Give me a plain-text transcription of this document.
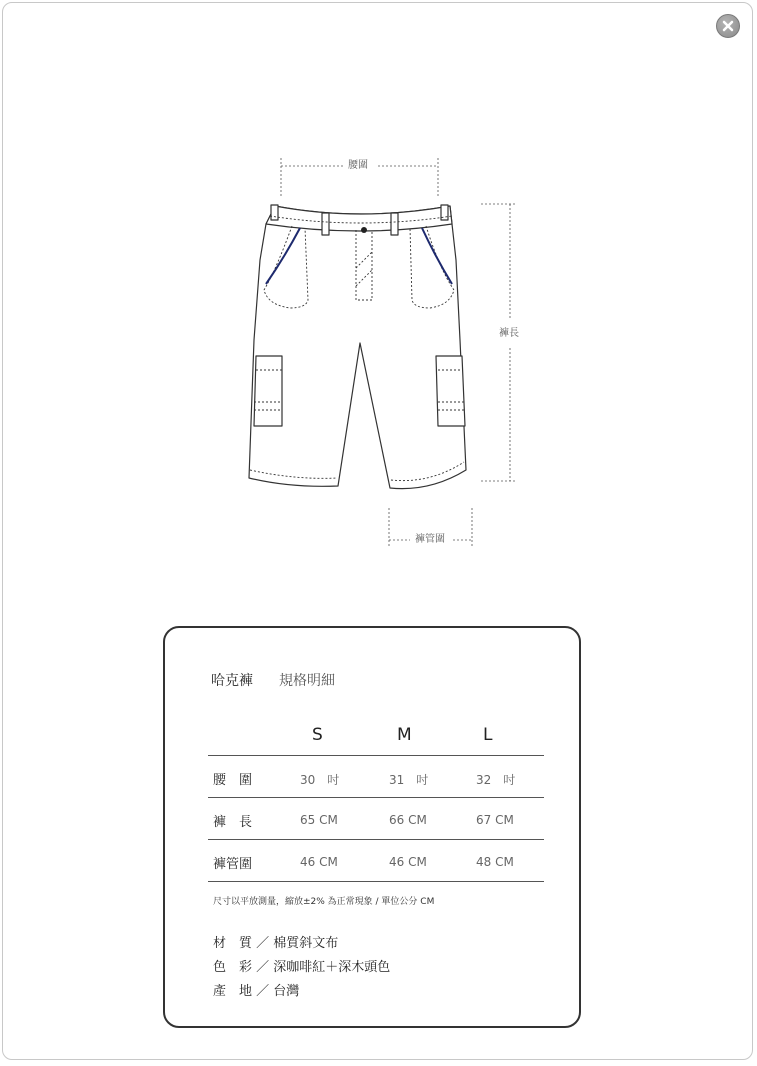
腰圍
褲長
褲管圍
哈克褲 規格明細
S	M	L
腰　圍	30　吋	31　吋	32　吋
褲　長	65 CM	66 CM	67 CM
褲管圍	46 CM	46 CM	48 CM
尺寸以平放測量，縮放±2% 為正常現象 / 單位公分 CM
材　質 ／ 棉質斜文布
色　彩 ／ 深咖啡紅＋深木頭色
產　地 ／ 台灣
